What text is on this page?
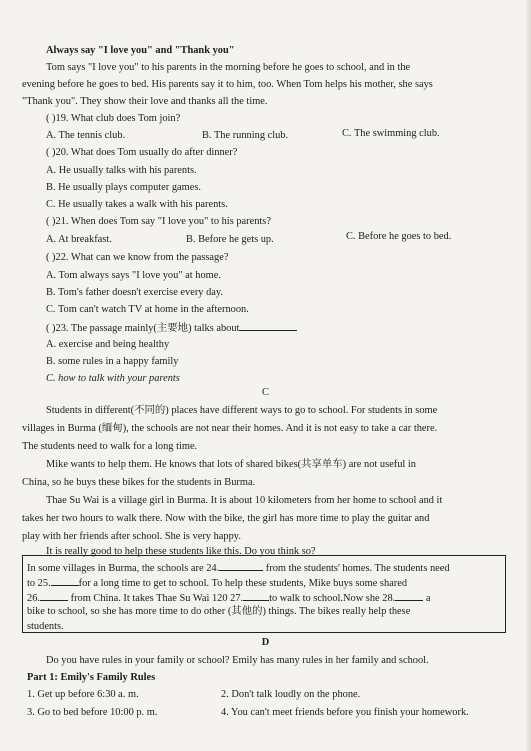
Always say "I love you" and "Thank you"
Tom says "I love you" to his parents in the morning before he goes to school, and in the
evening before he goes to bed. His parents say it to him, too. When Tom helps his mother, she says
"Thank you". They show their love and thanks all the time.
( )19. What club does Tom join?
A. The tennis club.	B. The running club.	C. The swimming club.
( )20. What does Tom usually do after dinner?
A. He usually talks with his parents.
B. He usually plays computer games.
C. He usually takes a walk with his parents.
( )21. When does Tom say "I love you" to his parents?
A. At breakfast.	B. Before he gets up.	C. Before he goes to bed.
( )22. What can we know from the passage?
A. Tom always says "I love you" at home.
B. Tom's father doesn't exercise every day.
C. Tom can't watch TV at home in the afternoon.
( )23. The passage mainly(主要地) talks about
A. exercise and being healthy
B. some rules in a happy family
C. how to talk with your parents
C
Students in different(不同的) places have different ways to go to school. For students in some
villages in Burma (缅甸), the schools are not near their homes. And it is not easy to take a car there.
The students need to walk for a long time.
Mike wants to help them. He knows that lots of shared bikes(共享单车) are not useful in
China, so he buys these bikes for the students in Burma.
Thae Su Wai is a village girl in Burma. It is about 10 kilometers from her home to school and it
takes her two hours to walk there. Now with the bike, the girl has more time to play the guitar and
play with her friends after school. She is very happy.
It is really good to help these students like this. Do you think so?
In some villages in Burma, the schools are 24.	from the students' homes. The students need
to 25.	for a long time to get to school. To help these students, Mike buys some shared
26.	from China. It takes Thae Su Wai 120 27.	to walk to school.Now she 28.	a
bike to school, so she has more time to do other (其他的) things. The bikes really help these
students.
D
Do you have rules in your family or school? Emily has many rules in her family and school.
Part 1: Emily's Family Rules
1. Get up before 6:30 a. m.	2. Don't talk loudly on the phone.
3. Go to bed before 10:00 p. m.	4. You can't meet friends before you finish your homework.
